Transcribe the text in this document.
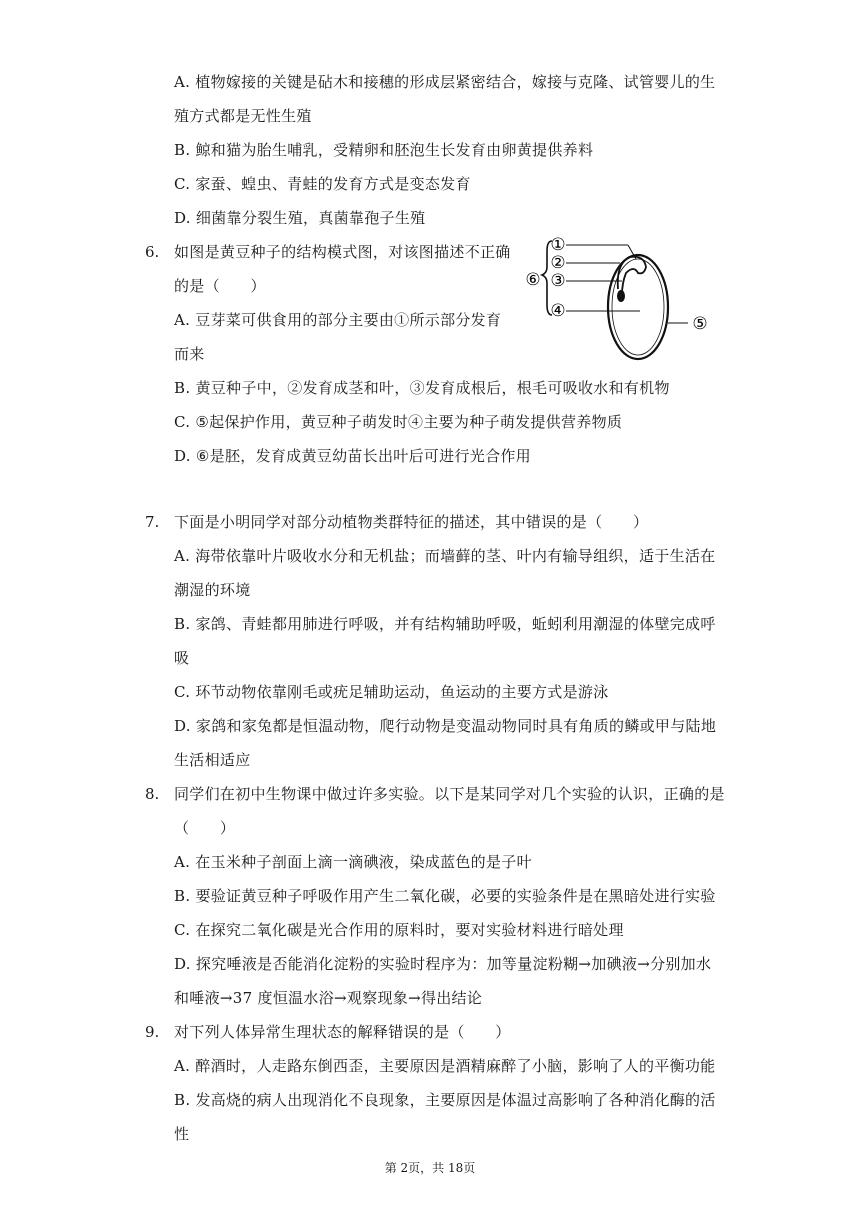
A. 植物嫁接的关键是砧木和接穗的形成层紧密结合，嫁接与克隆、试管婴儿的生
殖方式都是无性生殖
B. 鲸和猫为胎生哺乳，受精卵和胚泡生长发育由卵黄提供养料
C. 家蚕、蝗虫、青蛙的发育方式是变态发育
D. 细菌靠分裂生殖，真菌靠孢子生殖
6. 如图是黄豆种子的结构模式图，对该图描述不正确
的是（　　）
A. 豆芽菜可供食用的部分主要由①所示部分发育
而来
B. 黄豆种子中，②发育成茎和叶，③发育成根后，根毛可吸收水和有机物
C. ⑤起保护作用，黄豆种子萌发时④主要为种子萌发提供营养物质
D. ⑥是胚，发育成黄豆幼苗长出叶后可进行光合作用
①
②
③
④
⑤
⑥
7. 下面是小明同学对部分动植物类群特征的描述，其中错误的是（　　）
A. 海带依靠叶片吸收水分和无机盐；而墙藓的茎、叶内有输导组织，适于生活在
潮湿的环境
B. 家鸽、青蛙都用肺进行呼吸，并有结构辅助呼吸，蚯蚓利用潮湿的体壁完成呼
吸
C. 环节动物依靠刚毛或疣足辅助运动，鱼运动的主要方式是游泳
D. 家鸽和家兔都是恒温动物，爬行动物是变温动物同时具有角质的鳞或甲与陆地
生活相适应
8. 同学们在初中生物课中做过许多实验。以下是某同学对几个实验的认识，正确的是
（　　）
A. 在玉米种子剖面上滴一滴碘液，染成蓝色的是子叶
B. 要验证黄豆种子呼吸作用产生二氧化碳，必要的实验条件是在黑暗处进行实验
C. 在探究二氧化碳是光合作用的原料时，要对实验材料进行暗处理
D. 探究唾液是否能消化淀粉的实验时程序为：加等量淀粉糊→加碘液→分别加水
和唾液→37 度恒温水浴→观察现象→得出结论
9. 对下列人体异常生理状态的解释错误的是（　　）
A. 醉酒时，人走路东倒西歪，主要原因是酒精麻醉了小脑，影响了人的平衡功能
B. 发高烧的病人出现消化不良现象，主要原因是体温过高影响了各种消化酶的活
性
第 2页，共 18页
